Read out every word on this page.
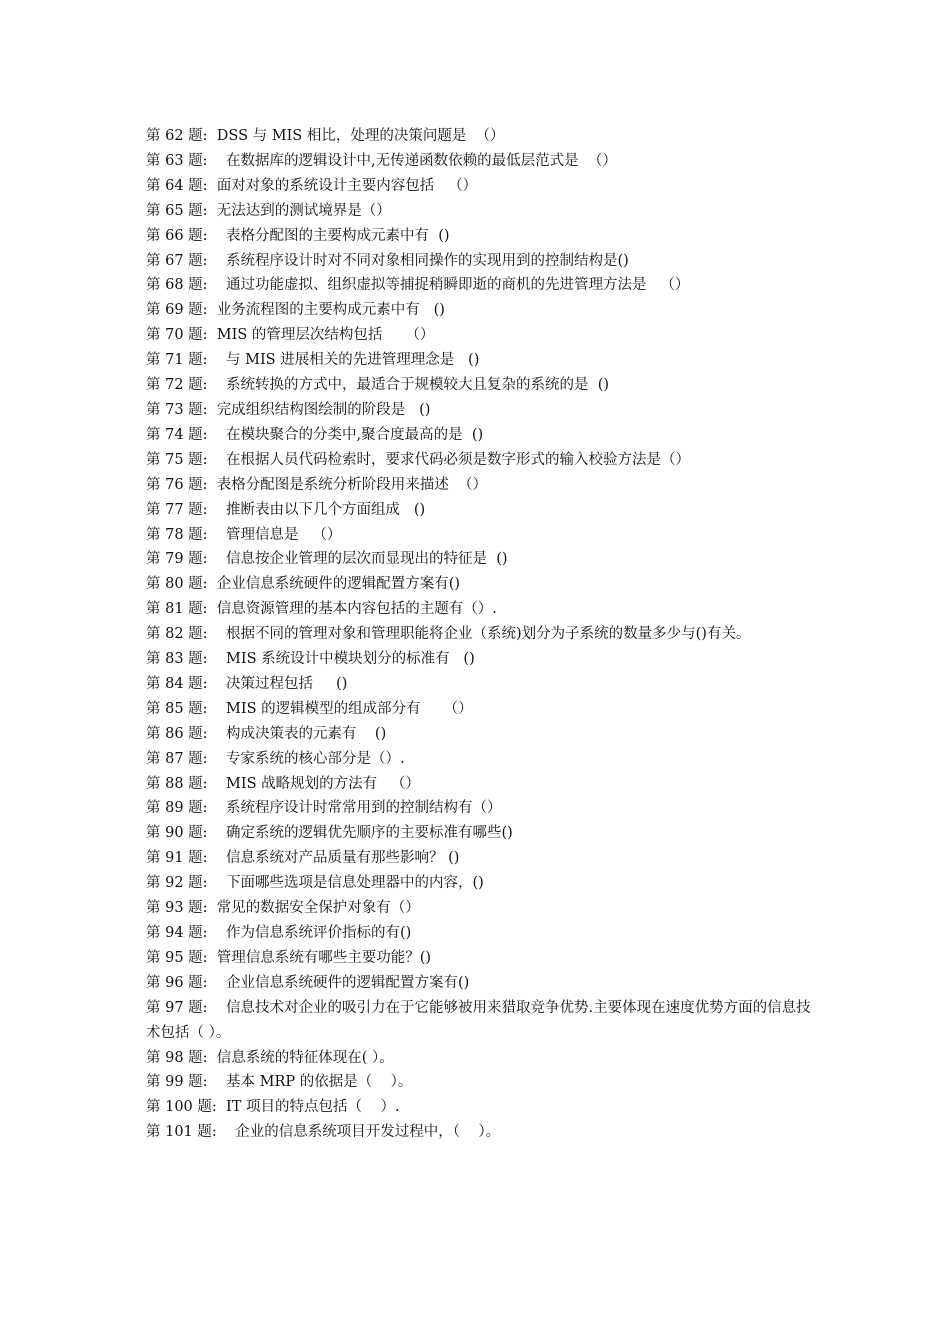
第 62 题:  DSS 与 MIS 相比，处理的决策问题是  （）

第 63 题:    在数据库的逻辑设计中,无传递函数依赖的最低层范式是  （）

第 64 题:  面对对象的系统设计主要内容包括   （）

第 65 题:  无法达到的测试境界是（）

第 66 题:    表格分配图的主要构成元素中有  ()

第 67 题:    系统程序设计时对不同对象相同操作的实现用到的控制结构是()

第 68 题:    通过功能虚拟、组织虚拟等捕捉稍瞬即逝的商机的先进管理方法是   （）

第 69 题:  业务流程图的主要构成元素中有   ()

第 70 题:  MIS 的管理层次结构包括     （）

第 71 题:    与 MIS 进展相关的先进管理理念是   ()

第 72 题:    系统转换的方式中，最适合于规模较大且复杂的系统的是  ()

第 73 题:  完成组织结构图绘制的阶段是   ()

第 74 题:    在模块聚合的分类中,聚合度最高的是  ()

第 75 题:    在根据人员代码检索时，要求代码必须是数字形式的输入校验方法是（）

第 76 题:  表格分配图是系统分析阶段用来描述  （）

第 77 题:    推断表由以下几个方面组成   ()

第 78 题:    管理信息是   （）

第 79 题:    信息按企业管理的层次而显现出的特征是  ()

第 80 题:  企业信息系统硬件的逻辑配置方案有()

第 81 题:  信息资源管理的基本内容包括的主题有（）.

第 82 题:    根据不同的管理对象和管理职能将企业（系统)划分为子系统的数量多少与()有关。

第 83 题:    MIS 系统设计中模块划分的标准有   ()

第 84 题:    决策过程包括     ()

第 85 题:    MIS 的逻辑模型的组成部分有     （）

第 86 题:    构成决策表的元素有    ()

第 87 题:    专家系统的核心部分是（）.

第 88 题:    MIS 战略规划的方法有   （）

第 89 题:    系统程序设计时常常用到的控制结构有（）

第 90 题:    确定系统的逻辑优先顺序的主要标准有哪些()

第 91 题:    信息系统对产品质量有那些影响？ ()

第 92 题:    下面哪些选项是信息处理器中的内容，()

第 93 题:  常见的数据安全保护对象有（）

第 94 题:    作为信息系统评价指标的有()

第 95 题:  管理信息系统有哪些主要功能？()

第 96 题:    企业信息系统硬件的逻辑配置方案有()

第 97 题:    信息技术对企业的吸引力在于它能够被用来猎取竞争优势.主要体现在速度优势方面的信息技术包括（ ）。

第 98 题:  信息系统的特征体现在( ）。

第 99 题:    基本 MRP 的依据是（    ）。

第 100 题:  IT 项目的特点包括（    ）.

第 101 题:    企业的信息系统项目开发过程中，（    ）。
